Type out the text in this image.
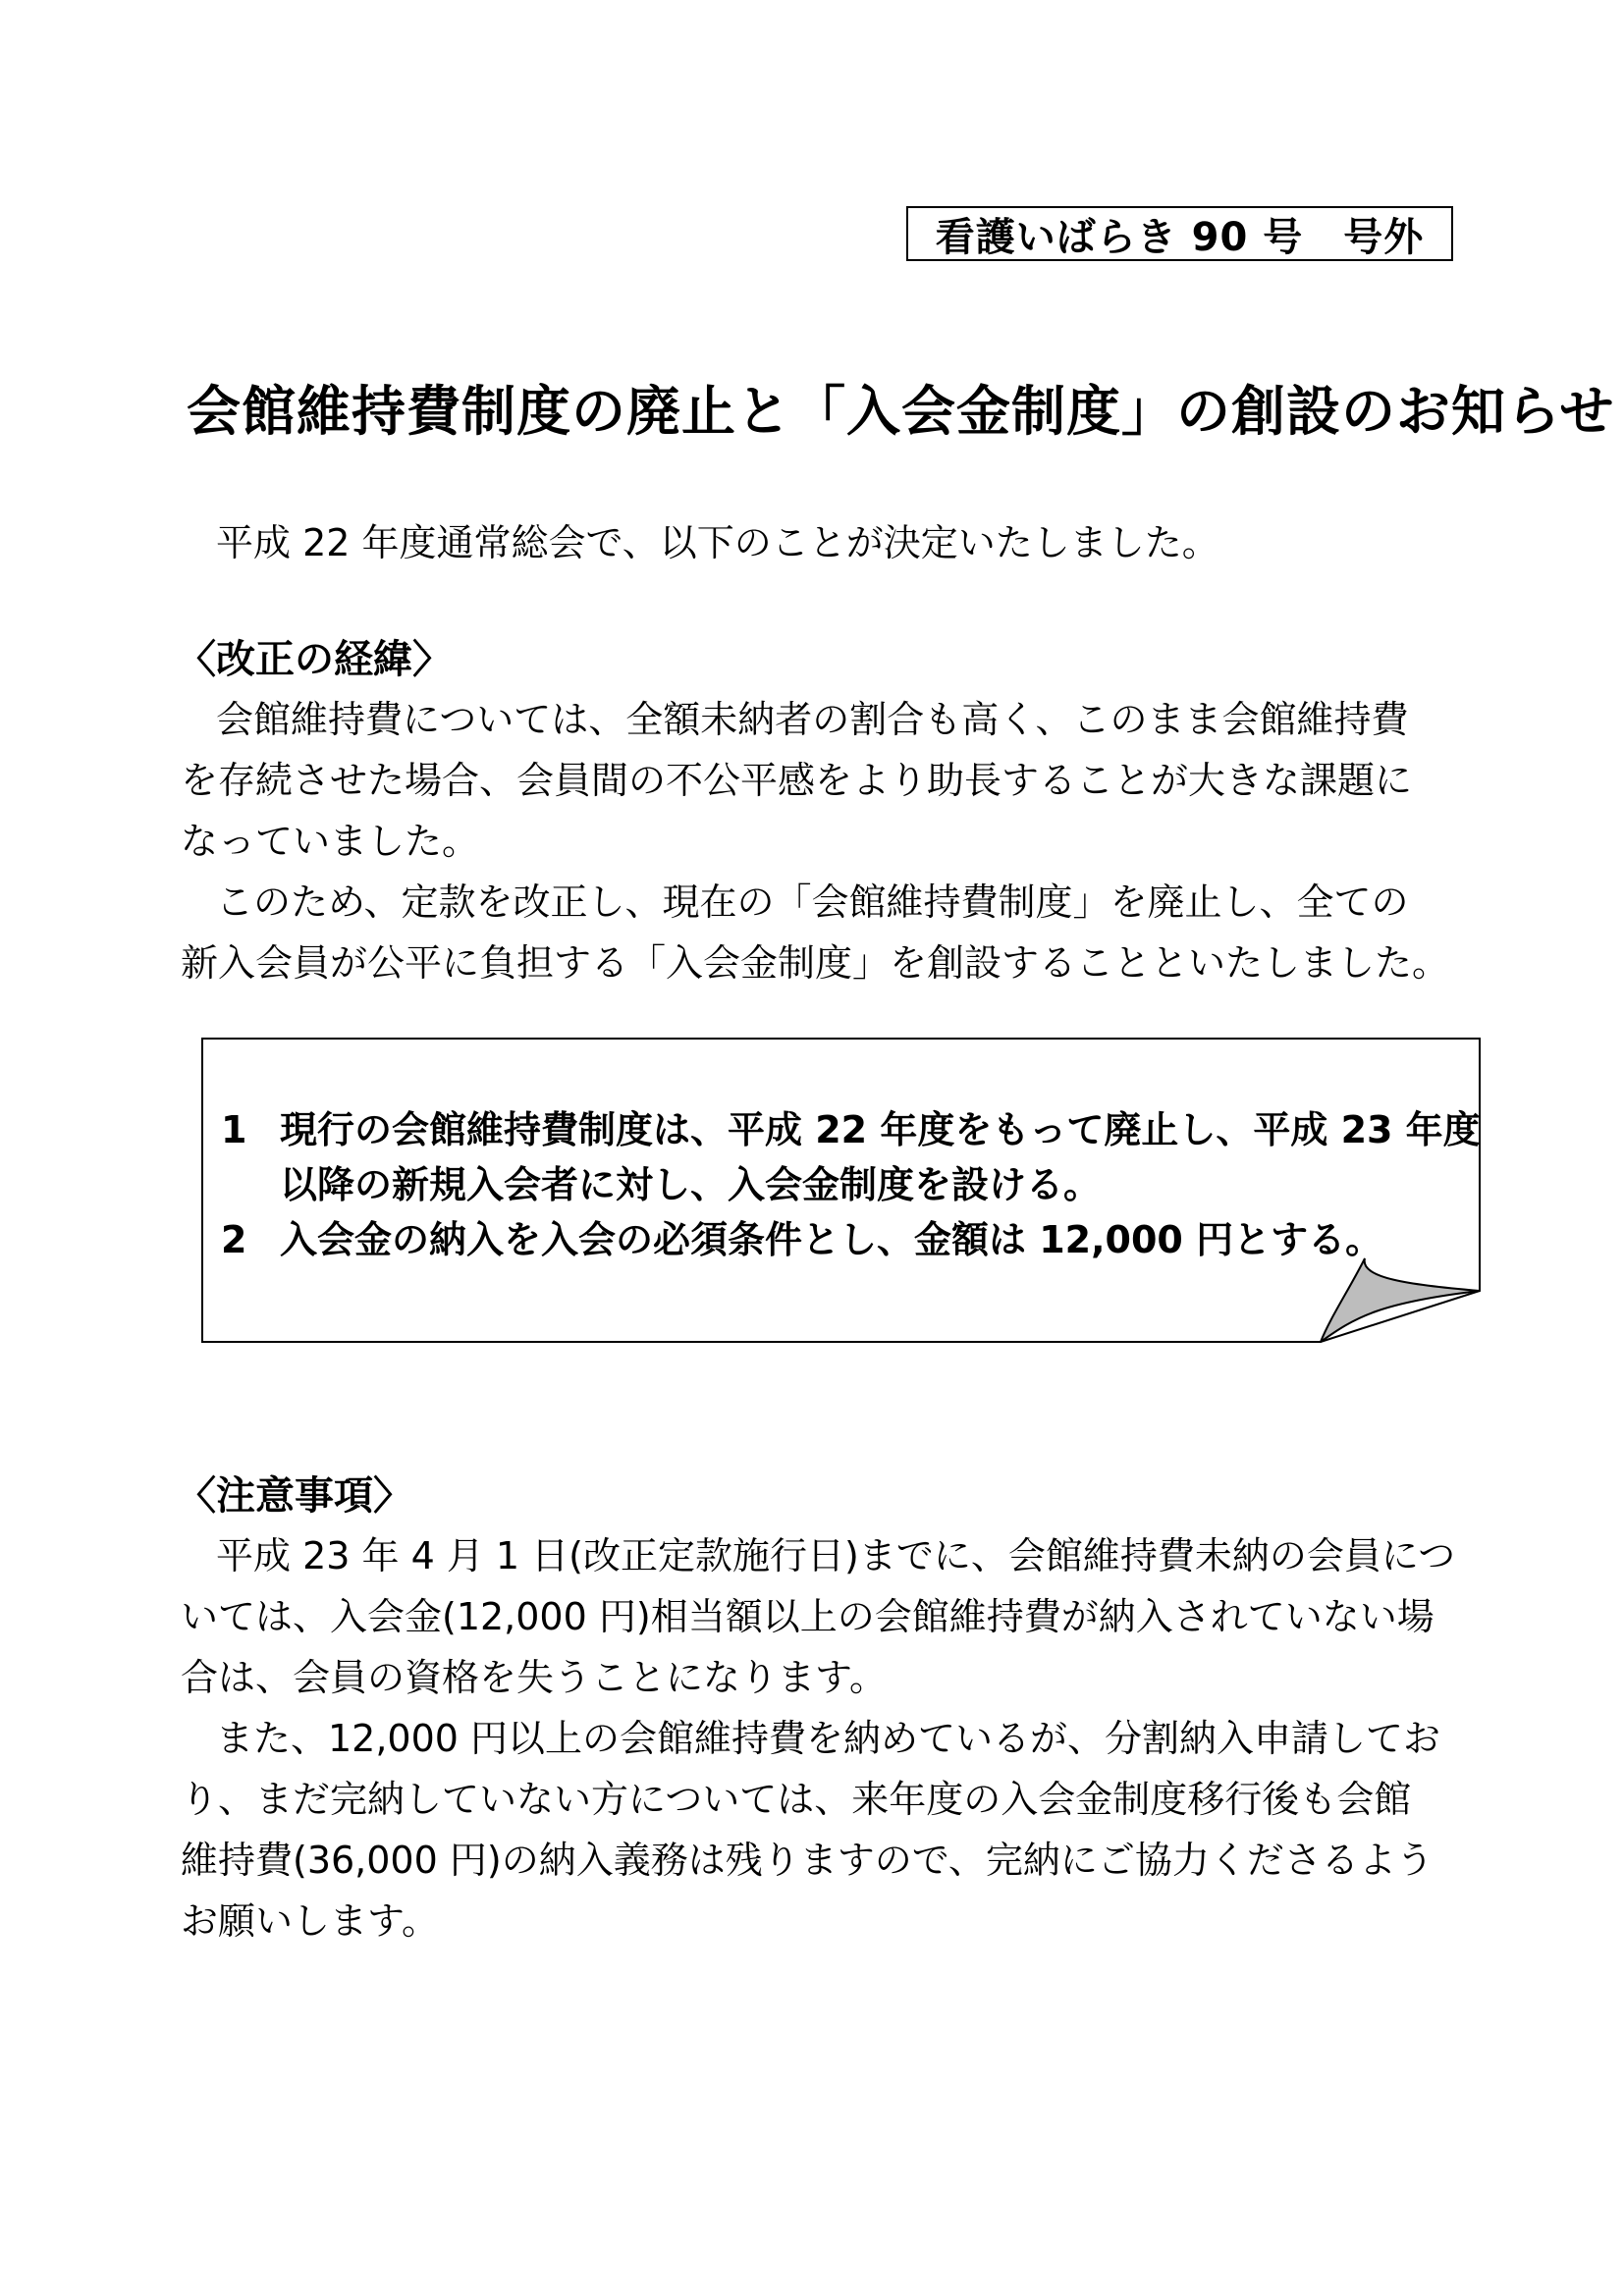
看護いばらき 90 号　号外
会館維持費制度の廃止と「入会金制度」の創設のお知らせ
平成 22 年度通常総会で、以下のことが決定いたしました。
〈改正の経緯〉
会館維持費については、全額未納者の割合も高く、このまま会館維持費
を存続させた場合、会員間の不公平感をより助長することが大きな課題に
なっていました。
このため、定款を改正し、現在の「会館維持費制度」を廃止し、全ての
新入会員が公平に負担する「入会金制度」を創設することといたしました。
1 現行の会館維持費制度は、平成 22 年度をもって廃止し、平成 23 年度
以降の新規入会者に対し、入会金制度を設ける。
2 入会金の納入を入会の必須条件とし、金額は 12,000 円とする。
〈注意事項〉
平成 23 年 4 月 1 日(改正定款施行日)までに、会館維持費未納の会員につ
いては、入会金(12,000 円)相当額以上の会館維持費が納入されていない場
合は、会員の資格を失うことになります。
また、12,000 円以上の会館維持費を納めているが、分割納入申請してお
り、まだ完納していない方については、来年度の入会金制度移行後も会館
維持費(36,000 円)の納入義務は残りますので、完納にご協力くださるよう
お願いします。
